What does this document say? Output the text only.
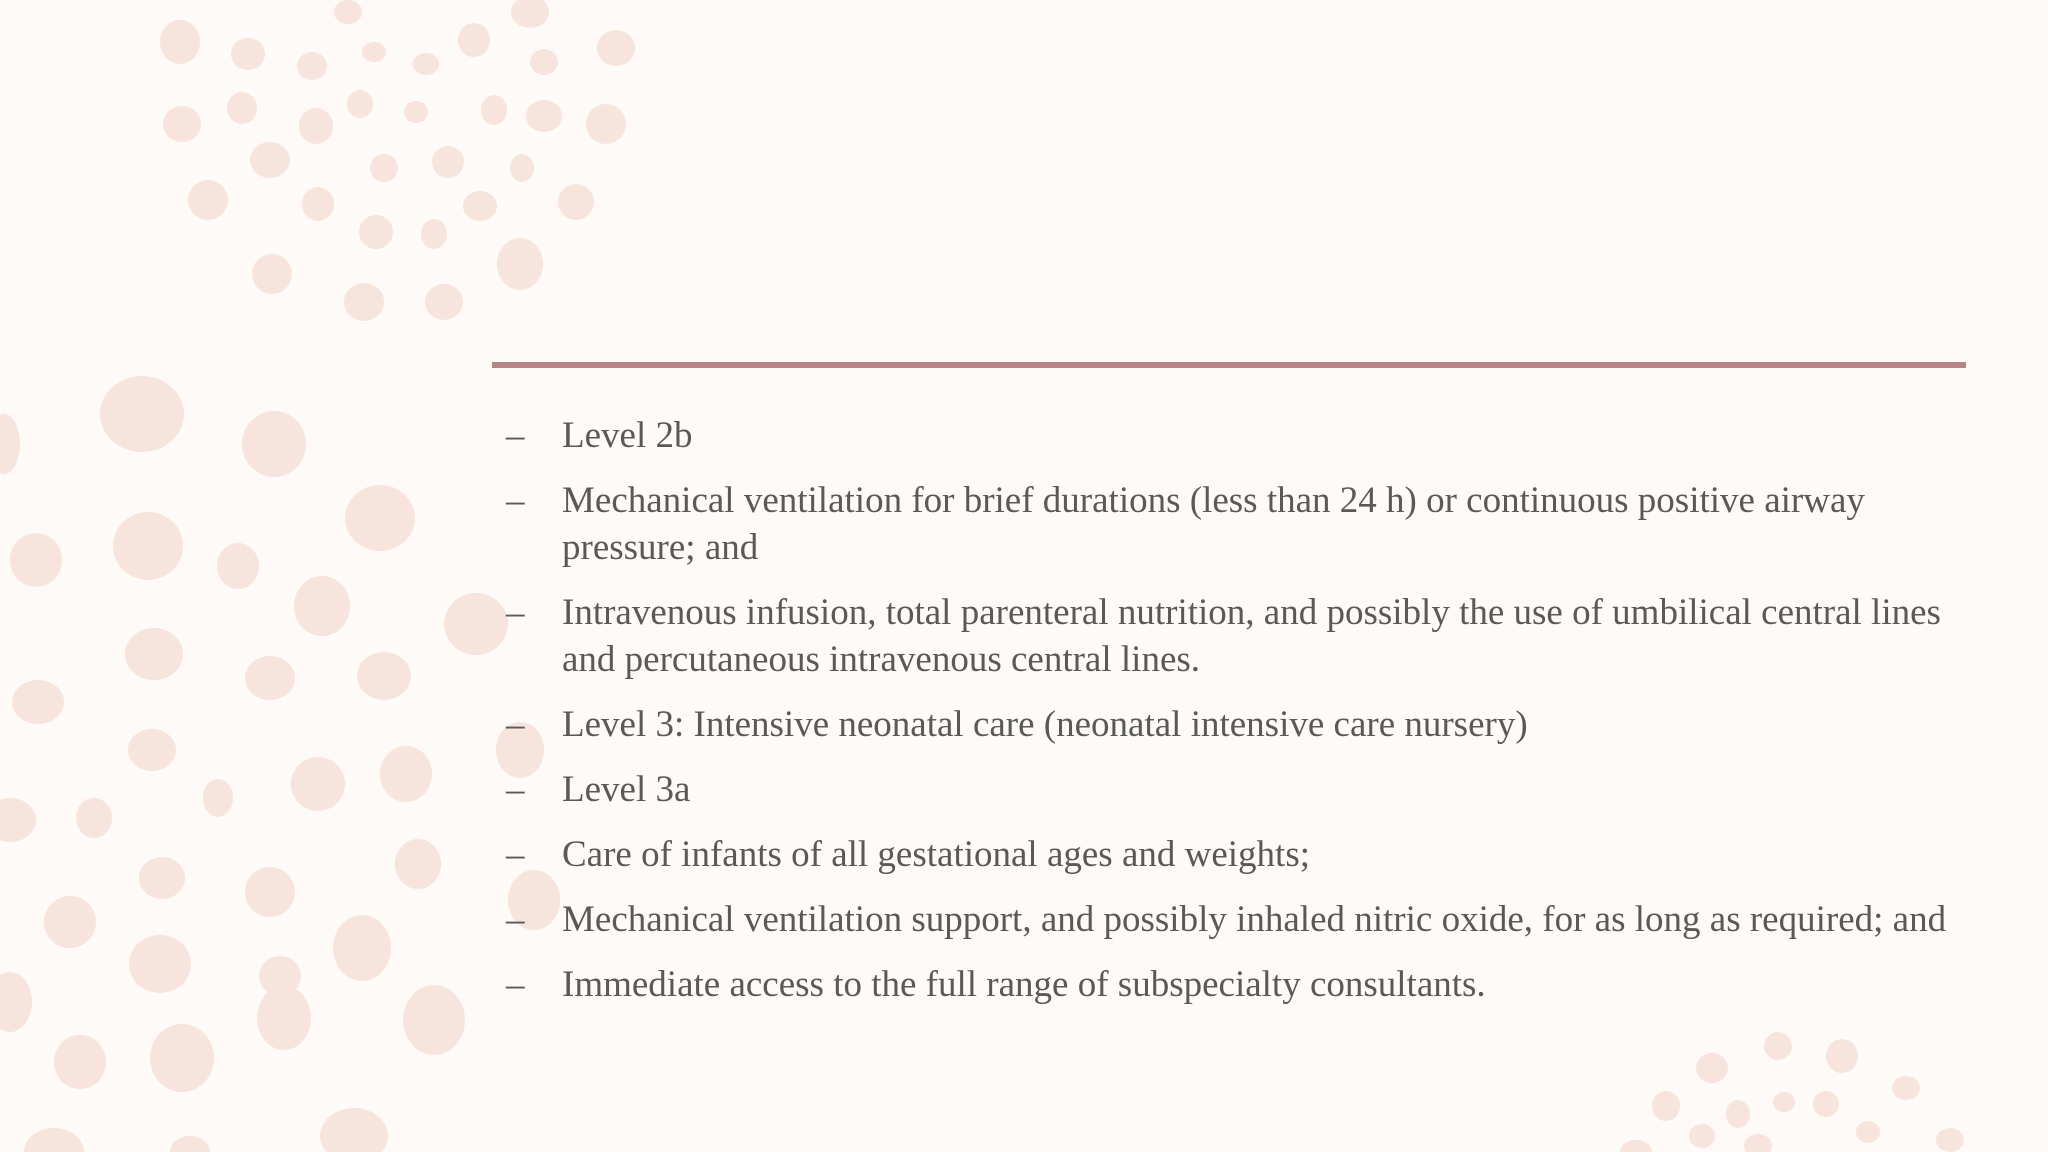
– Level 2b
– Mechanical ventilation for brief durations (less than 24 h) or continuous positive airway pressure; and
– Intravenous infusion, total parenteral nutrition, and possibly the use of umbilical central lines and percutaneous intravenous central lines.
– Level 3: Intensive neonatal care (neonatal intensive care nursery)
– Level 3a
– Care of infants of all gestational ages and weights;
– Mechanical ventilation support, and possibly inhaled nitric oxide, for as long as required; and
– Immediate access to the full range of subspecialty consultants.
